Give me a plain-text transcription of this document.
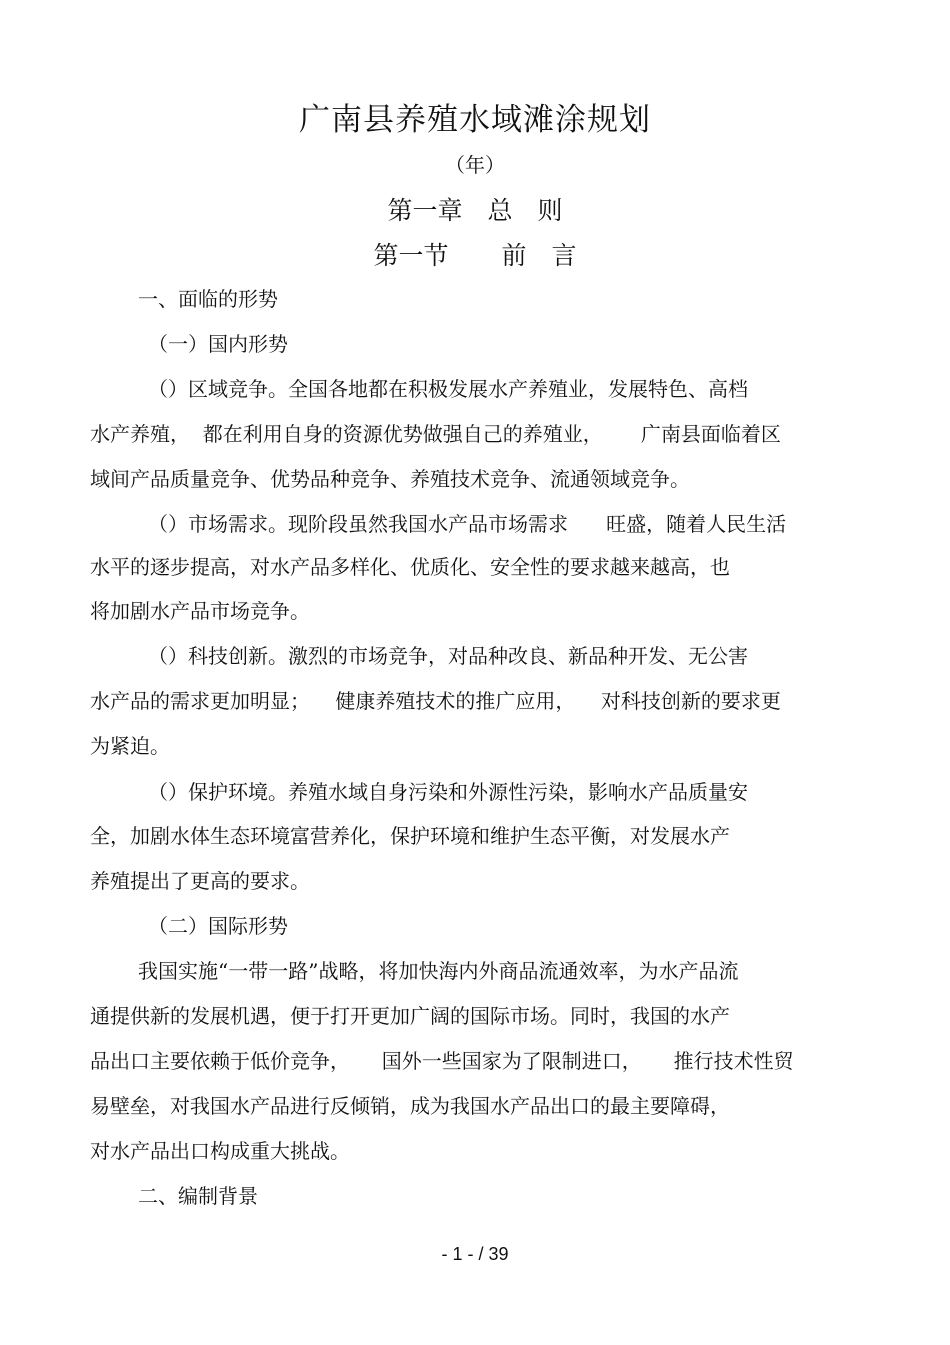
广南县养殖水域滩涂规划
（年）
第一章　总　则
第一节　 前　言
一、面临的形势
（一）国内形势
（）区域竞争。全国各地都在积极发展水产养殖业，发展特色、高档
水产养殖，  都在利用自身的资源优势做强自己的养殖业，      广南县面临着区
域间产品质量竞争、优势品种竞争、养殖技术竞争、流通领域竞争。
（）市场需求。现阶段虽然我国水产品市场需求      旺盛，随着人民生活
水平的逐步提高，对水产品多样化、优质化、安全性的要求越来越高，也
将加剧水产品市场竞争。
（）科技创新。激烈的市场竞争，对品种改良、新品种开发、无公害
水产品的需求更加明显；    健康养殖技术的推广应用，    对科技创新的要求更
为紧迫。
（）保护环境。养殖水域自身污染和外源性污染，影响水产品质量安
全，加剧水体生态环境富营养化，保护环境和维护生态平衡，对发展水产
养殖提出了更高的要求。
（二）国际形势
我国实施“一带一路”战略，将加快海内外商品流通效率，为水产品流
通提供新的发展机遇，便于打开更加广阔的国际市场。同时，我国的水产
品出口主要依赖于低价竞争，     国外一些国家为了限制进口，     推行技术性贸
易壁垒，对我国水产品进行反倾销，成为我国水产品出口的最主要障碍，
对水产品出口构成重大挑战。
二、编制背景
- 1 - / 39
